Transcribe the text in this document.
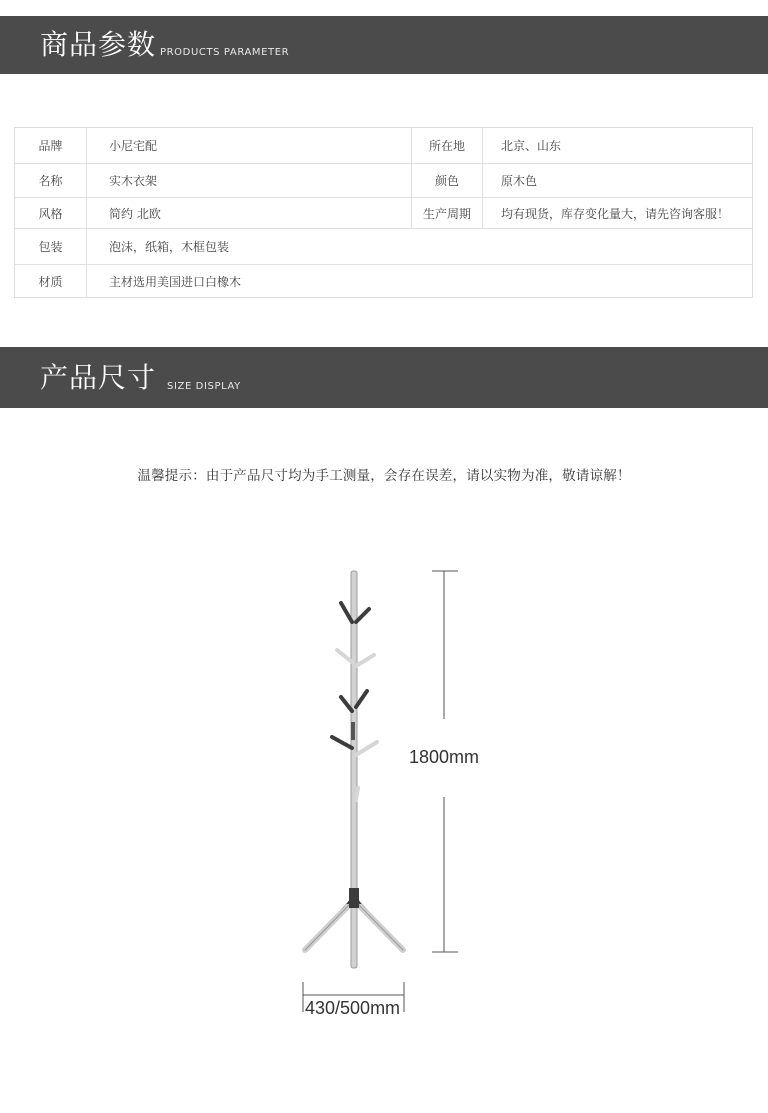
商品参数 PRODUCTS PARAMETER
品牌	小尼宅配	所在地	北京、山东
名称	实木衣架	颜色	原木色
风格	简约 北欧	生产周期	均有现货，库存变化量大，请先咨询客服！
包装	泡沫，纸箱，木框包装
材质	主材选用美国进口白橡木
产品尺寸 SIZE DISPLAY
温馨提示：由于产品尺寸均为手工测量，会存在误差，请以实物为准，敬请谅解！
1800mm
430/500mm
